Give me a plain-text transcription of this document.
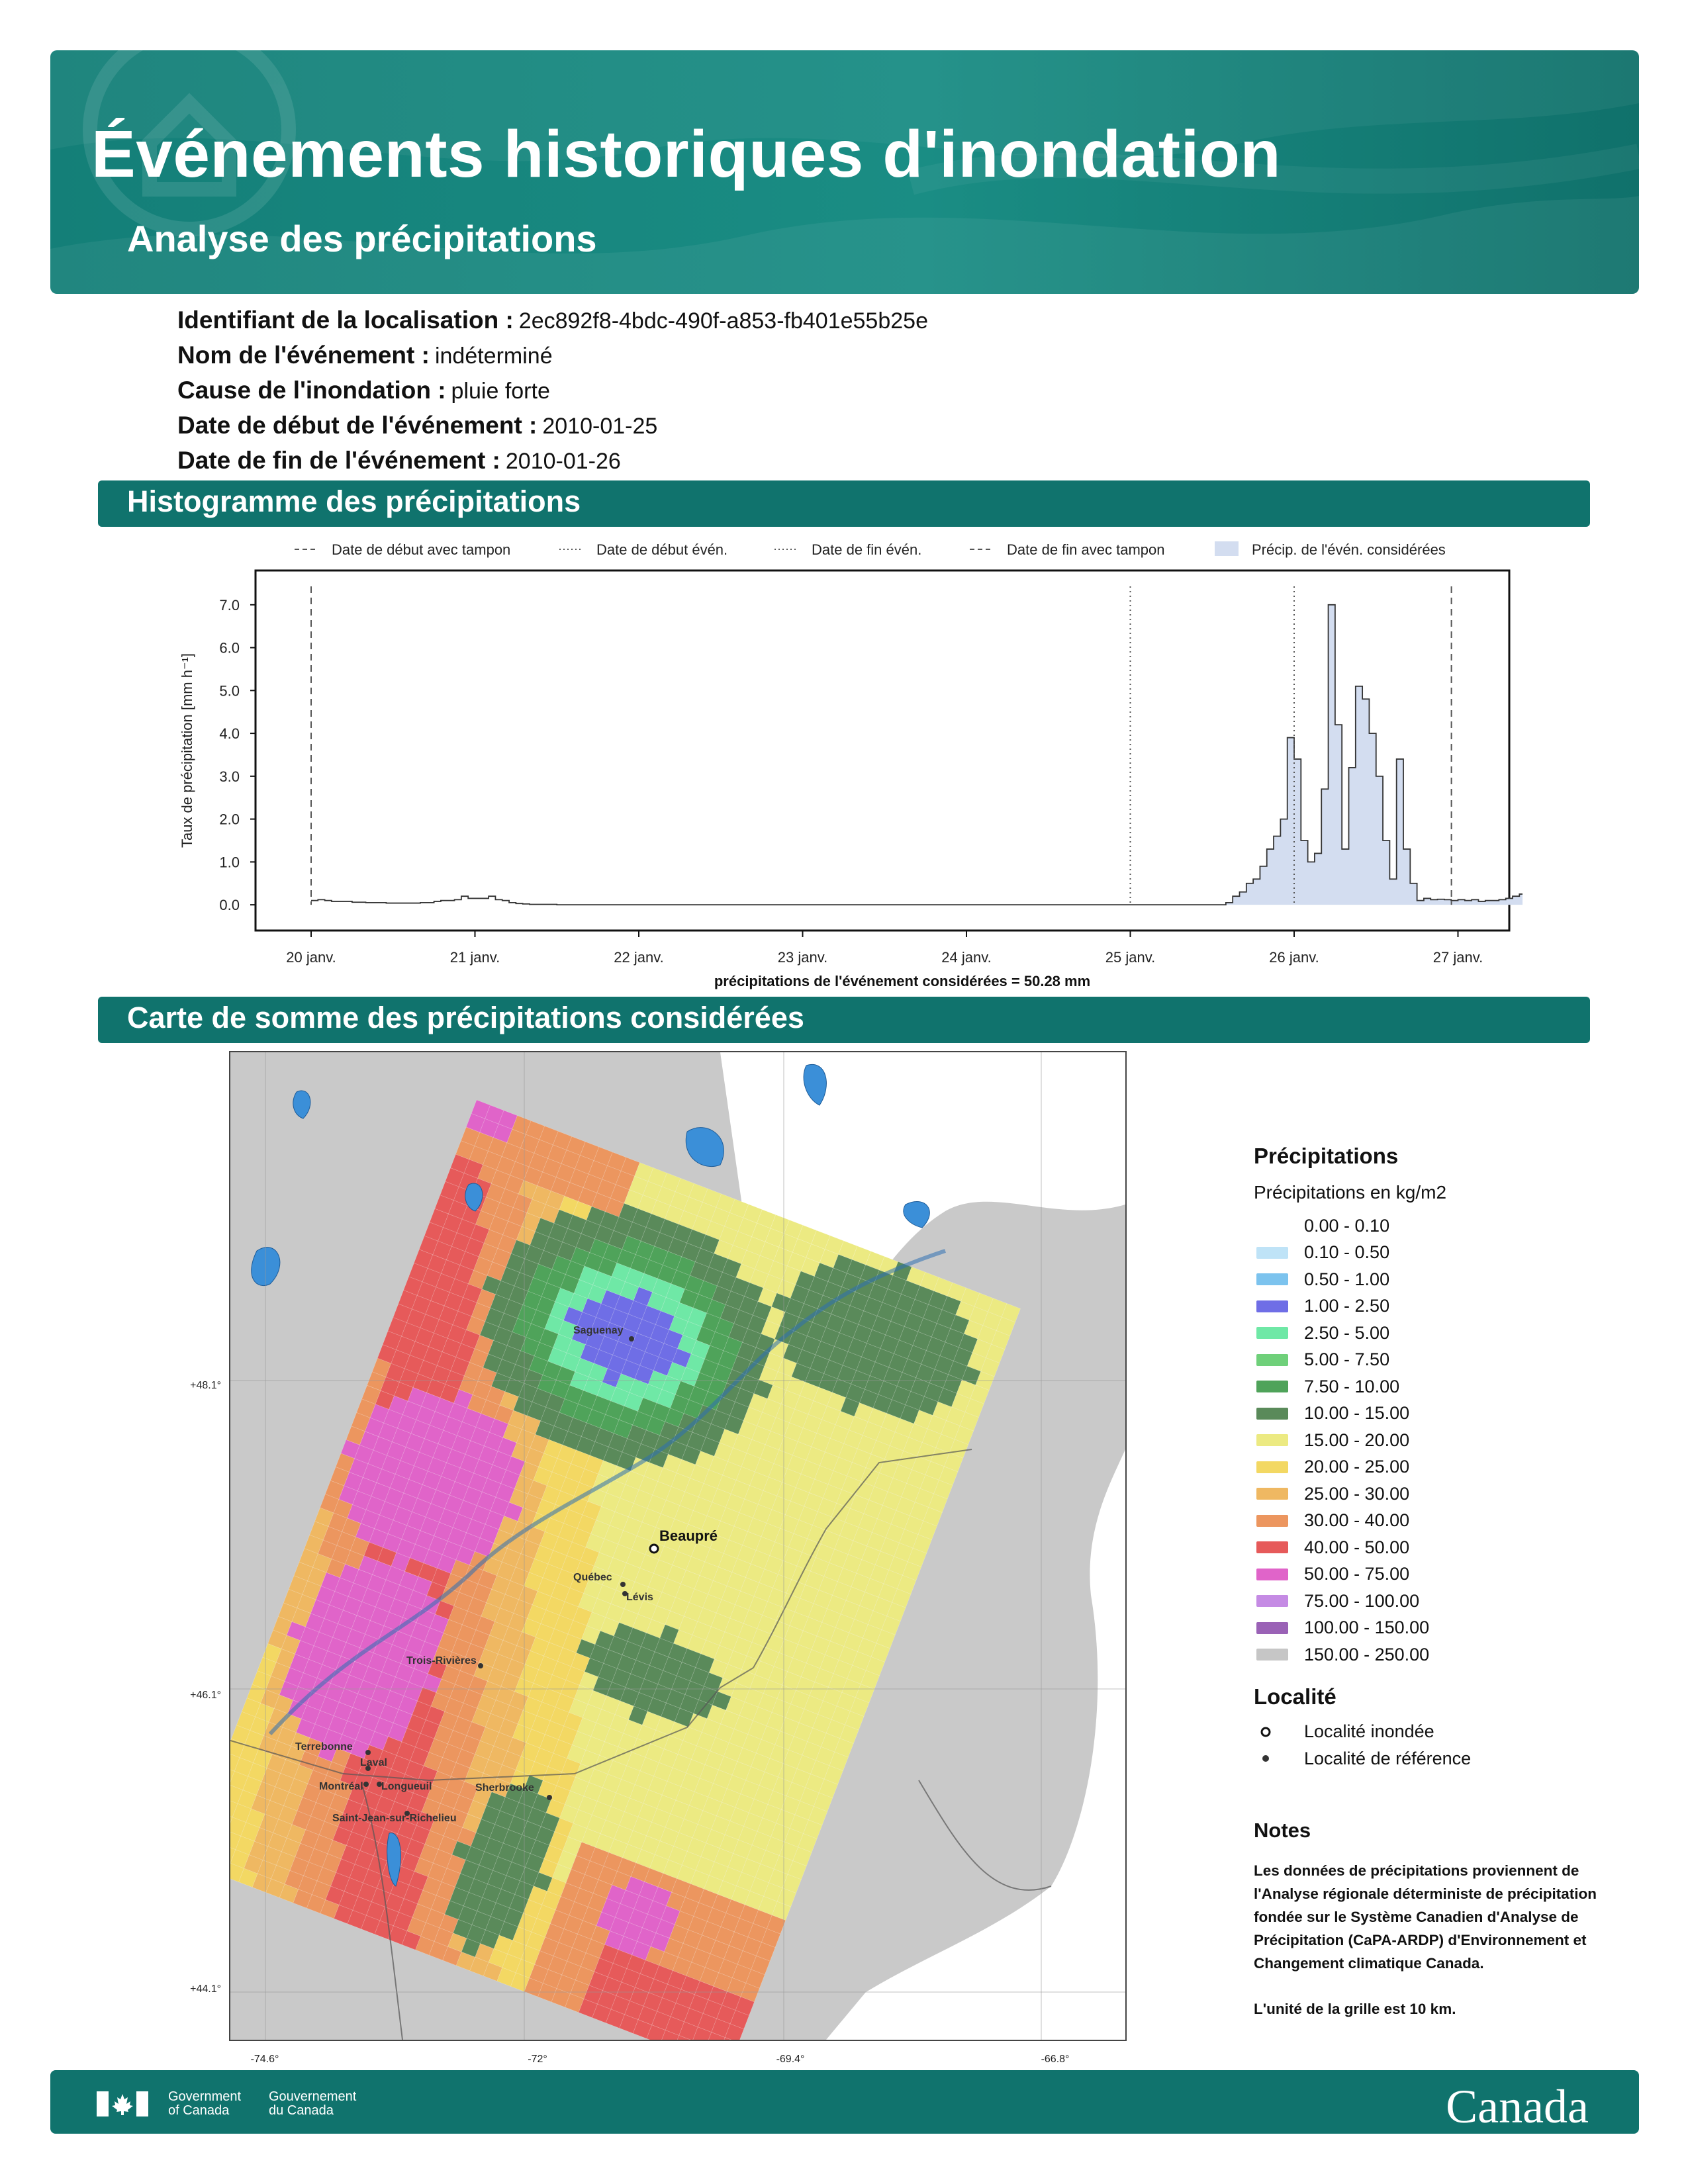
Événements historiques d'inondation
Analyse des précipitations
Identifiant de la localisation : 2ec892f8-4bdc-490f-a853-fb401e55b25e
Nom de l'événement : indéterminé
Cause de l'inondation : pluie forte
Date de début de l'événement : 2010-01-25
Date de fin de l'événement : 2010-01-26
Histogramme des précipitations
Date de début avec tampon	Date de début évén.	Date de fin évén.	Date de fin avec tampon	Précip. de l'évén. considérées
0.0
1.0
2.0
3.0
4.0
5.0
6.0
7.0
Taux de précipitation [mm h⁻¹]
20 janv.	21 janv.	22 janv.	23 janv.	24 janv.	25 janv.	26 janv.	27 janv.
précipitations de l'événement considérées = 50.28 mm
Carte de somme des précipitations considérées
Saguenay
Beaupré
Québec
Lévis
Trois-Rivières
Terrebonne
Laval
Montréal Longueuil	Sherbrooke
Saint-Jean-sur-Richelieu
-74.6°	-72°	-69.4°	-66.8°
+48.1°
+46.1°
+44.1°
Précipitations
Précipitations en kg/m2
0.00 - 0.10
0.10 - 0.50
0.50 - 1.00
1.00 - 2.50
2.50 - 5.00
5.00 - 7.50
7.50 - 10.00
10.00 - 15.00
15.00 - 20.00
20.00 - 25.00
25.00 - 30.00
30.00 - 40.00
40.00 - 50.00
50.00 - 75.00
75.00 - 100.00
100.00 - 150.00
150.00 - 250.00
Localité
Localité inondée
Localité de référence
Notes
Les données de précipitations proviennent de l'Analyse régionale déterministe de précipitation fondée sur le Système Canadien d'Analyse de Précipitation (CaPA-ARDP) d'Environnement et Changement climatique Canada.
L'unité de la grille est 10 km.
Government
of Canada
Gouvernement
du Canada	Canada
